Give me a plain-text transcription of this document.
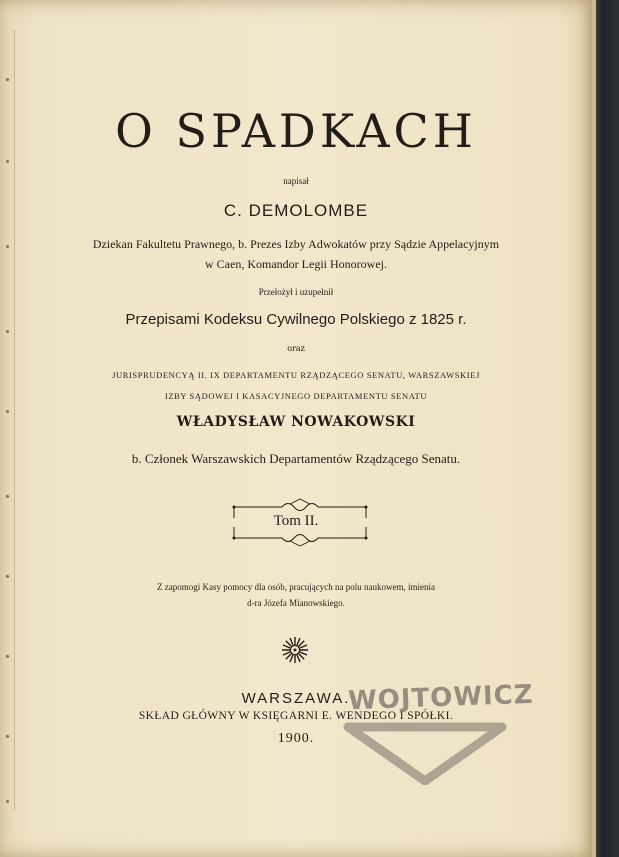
O SPADKACH
napisał
C. DEMOLOMBE
Dziekan Fakultetu Prawnego, b. Prezes Izby Adwokatów przy Sądzie Appelacyjnym
w Caen, Komandor Legii Honorowej.
Przełożył i uzupełnił
Przepisami Kodeksu Cywilnego Polskiego z 1825 r.
oraz
JURISPRUDENCYĄ II. IX DEPARTAMENTU RZĄDZĄCEGO SENATU, WARSZAWSKIEJ
IZBY SĄDOWEJ I KASACYJNEGO DEPARTAMENTU SENATU
WŁADYSŁAW NOWAKOWSKI
b. Członek Warszawskich Departamentów Rządzącego Senatu.
Tom II.
Z zapomogi Kasy pomocy dla osób, pracujących na polu naukowem, imienia
d-ra Józefa Mianowskiego.
WARSZAWA.
SKŁAD GŁÓWNY W KSIĘGARNI E. WENDEGO I SPÓŁKI.
1900.
WOJTOWICZ
